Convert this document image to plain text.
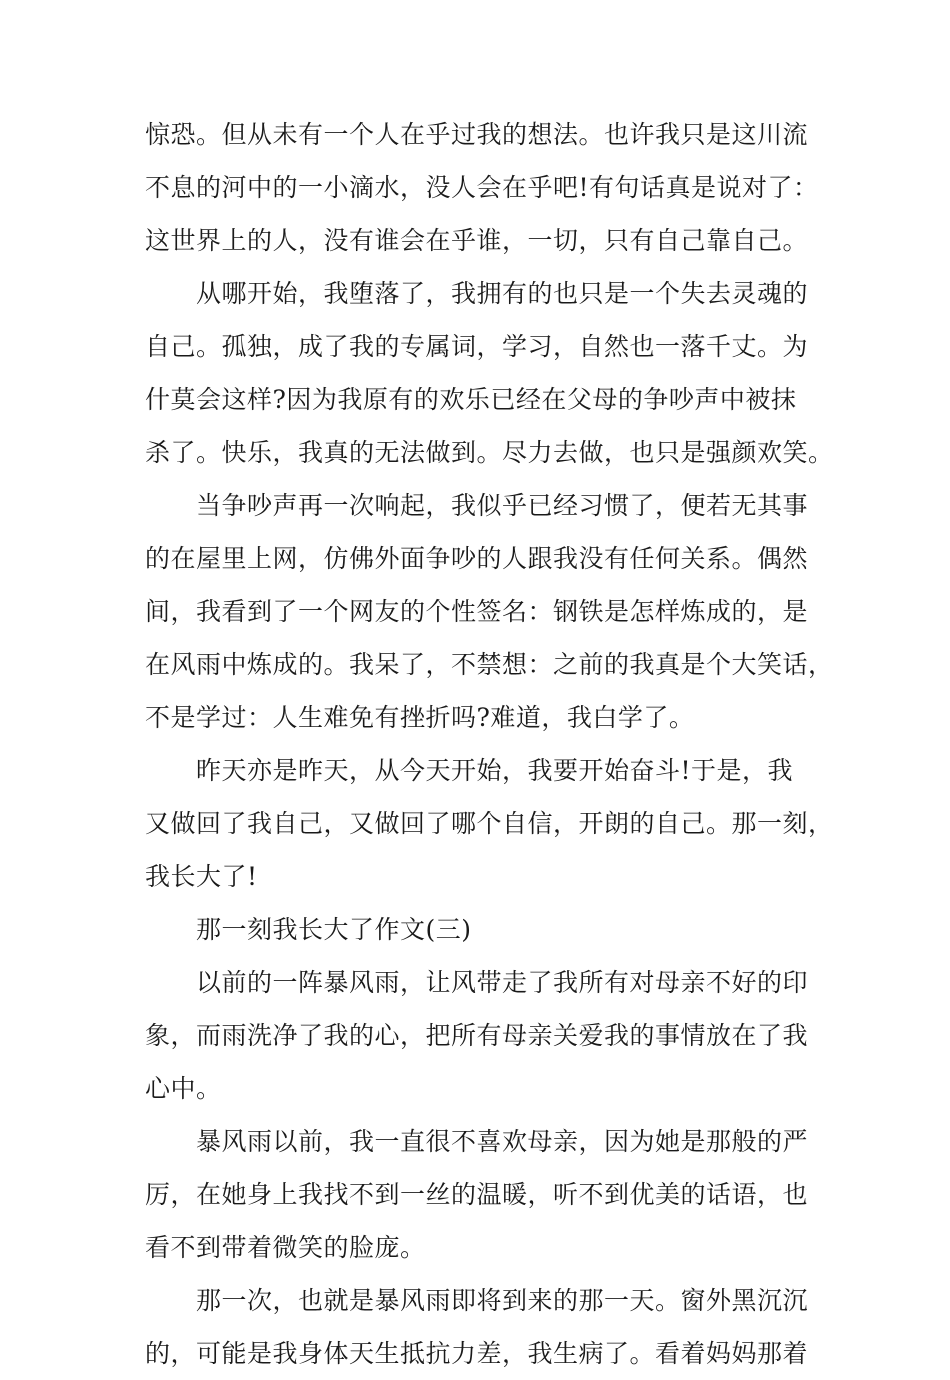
惊恐。但从未有一个人在乎过我的想法。也许我只是这川流
不息的河中的一小滴水，没人会在乎吧!有句话真是说对了：
这世界上的人，没有谁会在乎谁，一切，只有自己靠自己。
从哪开始，我堕落了，我拥有的也只是一个失去灵魂的
自己。孤独，成了我的专属词，学习，自然也一落千丈。为
什莫会这样?因为我原有的欢乐已经在父母的争吵声中被抹
杀了。快乐，我真的无法做到。尽力去做，也只是强颜欢笑。
当争吵声再一次响起，我似乎已经习惯了，便若无其事
的在屋里上网，仿佛外面争吵的人跟我没有任何关系。偶然
间，我看到了一个网友的个性签名：钢铁是怎样炼成的，是
在风雨中炼成的。我呆了，不禁想：之前的我真是个大笑话，
不是学过：人生难免有挫折吗?难道，我白学了。
昨天亦是昨天，从今天开始，我要开始奋斗!于是，我
又做回了我自己，又做回了哪个自信，开朗的自己。那一刻，
我长大了!
那一刻我长大了作文(三)
以前的一阵暴风雨，让风带走了我所有对母亲不好的印
象，而雨洗净了我的心，把所有母亲关爱我的事情放在了我
心中。
暴风雨以前，我一直很不喜欢母亲，因为她是那般的严
厉，在她身上我找不到一丝的温暖，听不到优美的话语，也
看不到带着微笑的脸庞。
那一次，也就是暴风雨即将到来的那一天。窗外黑沉沉
的，可能是我身体天生抵抗力差，我生病了。看着妈妈那着
